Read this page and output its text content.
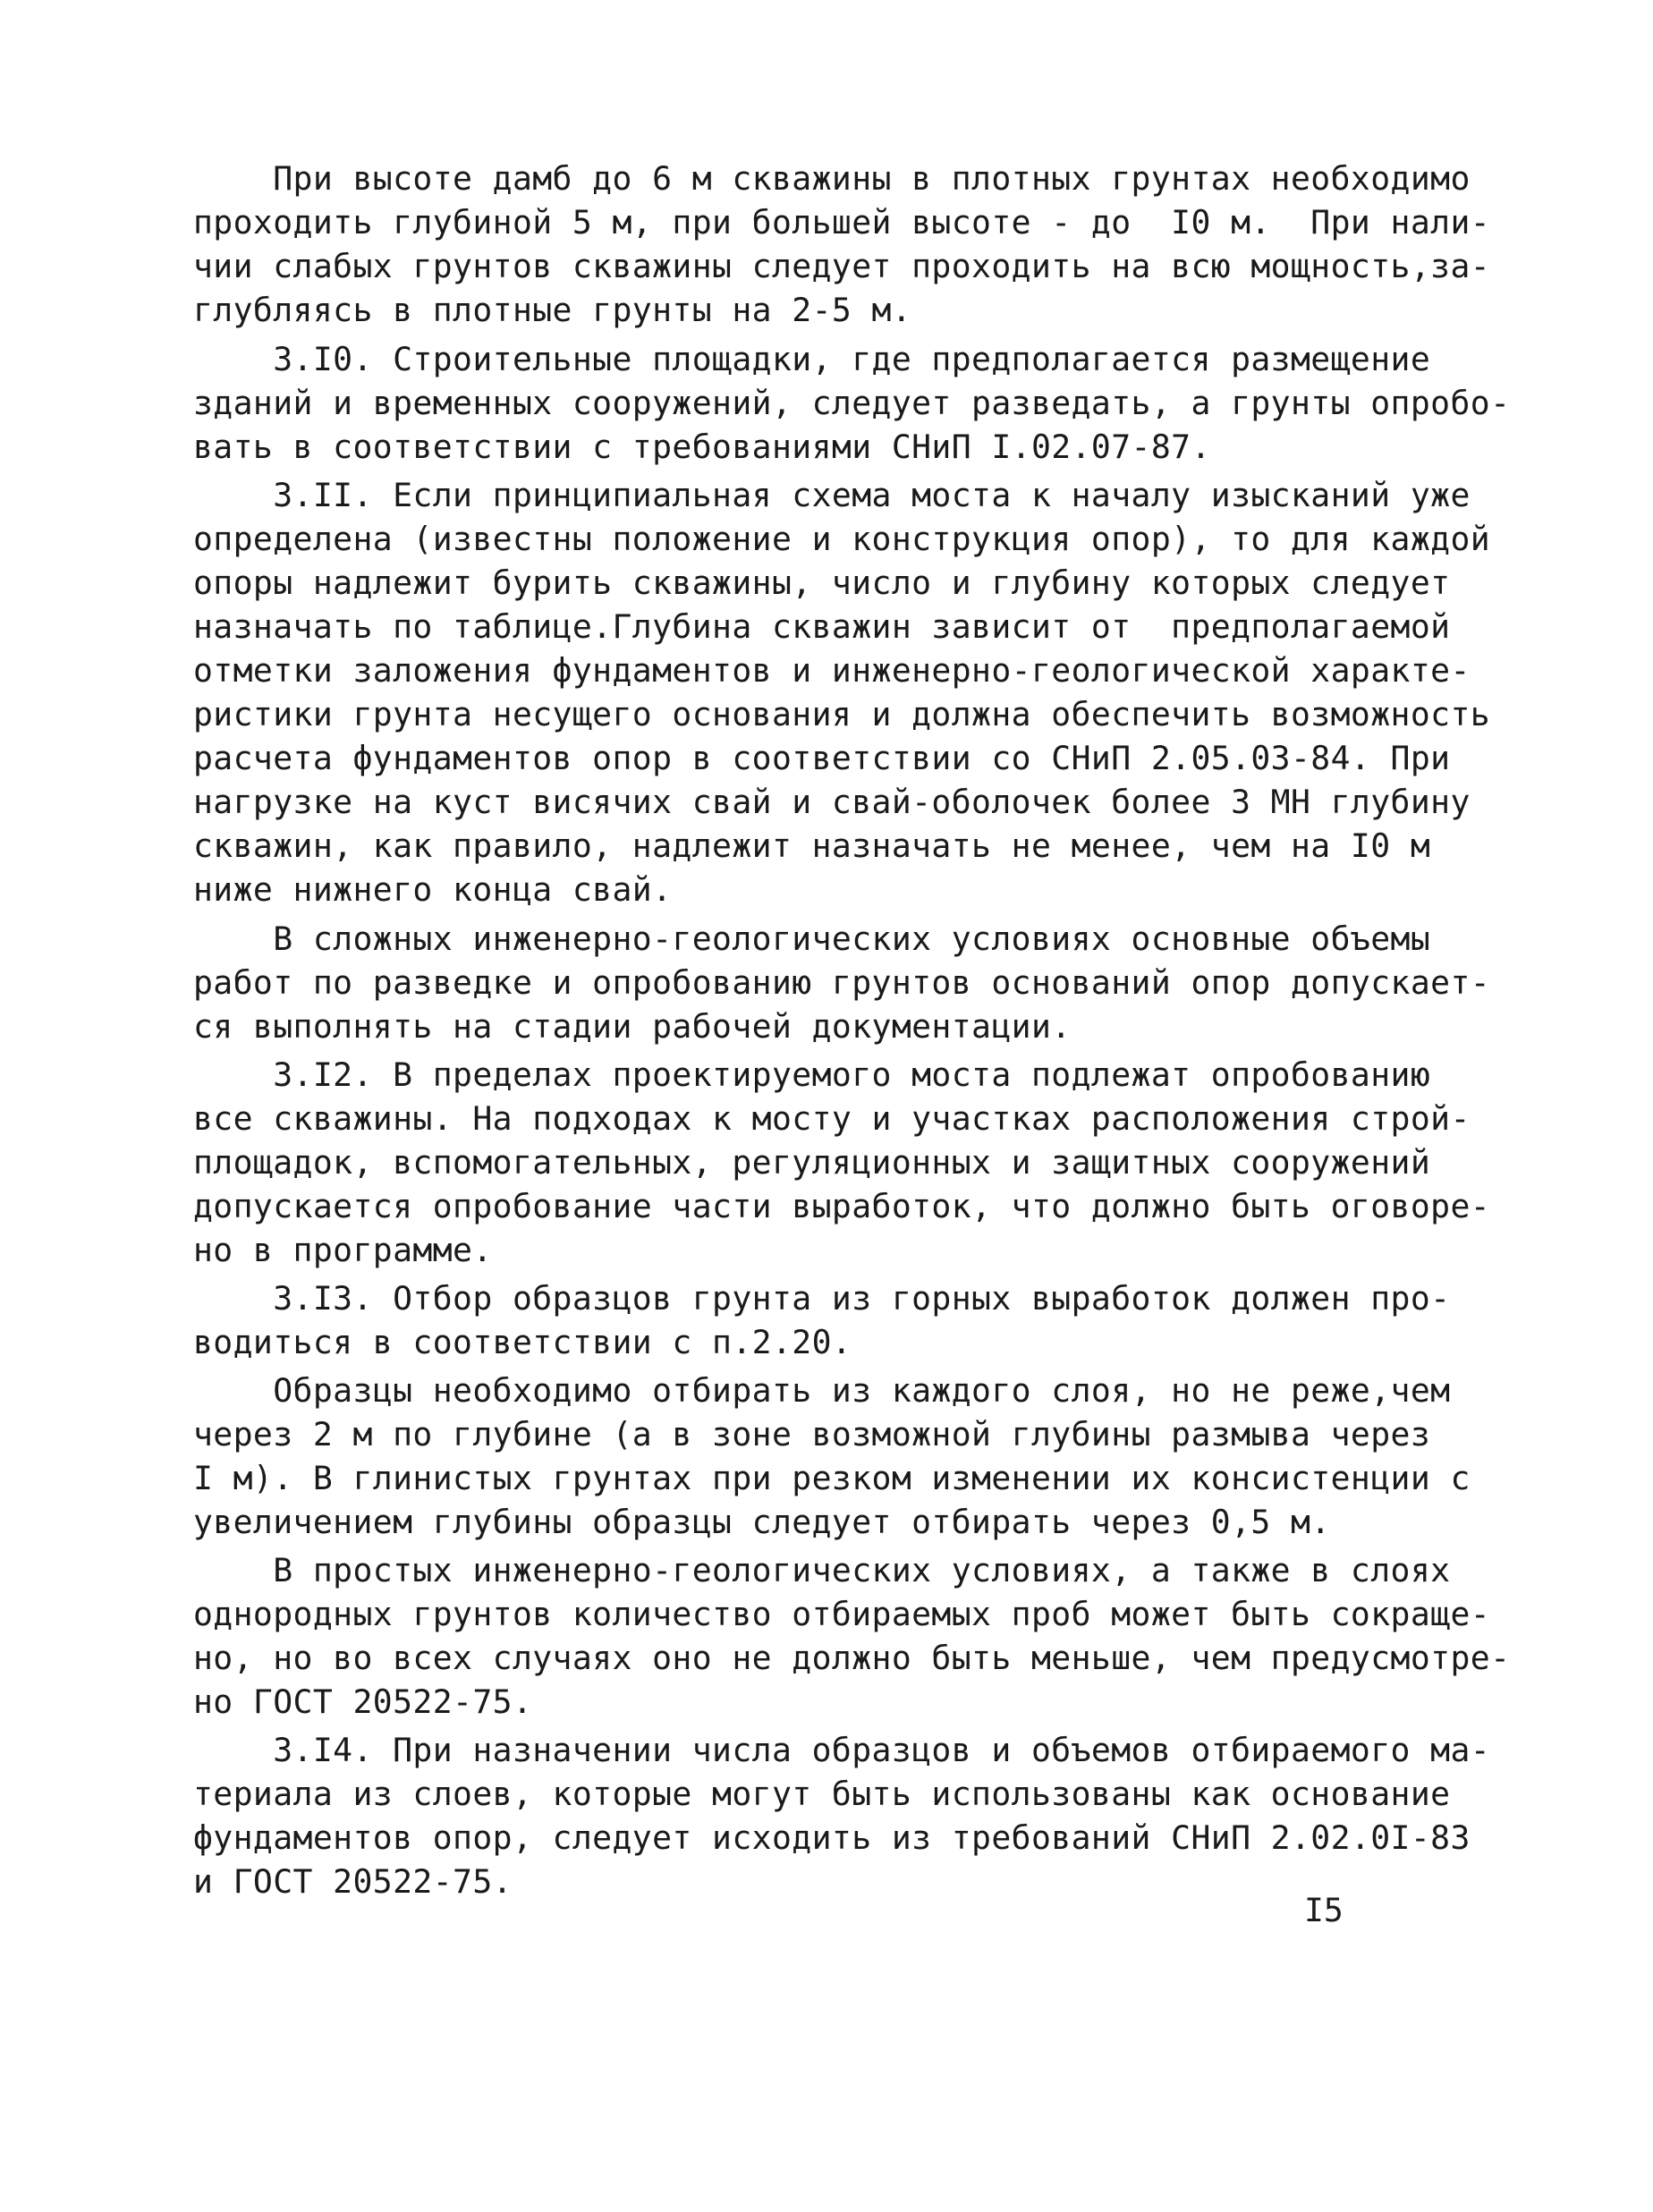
При высоте дамб до 6 м скважины в плотных грунтах необходимо
проходить глубиной 5 м, при большей высоте - до  I0 м.  При нали-
чии слабых грунтов скважины следует проходить на всю мощность,за-
глубляясь в плотные грунты на 2-5 м.
3.I0. Строительные площадки, где предполагается размещение
зданий и временных сооружений, следует разведать, а грунты опробо-
вать в соответствии с требованиями СНиП I.02.07-87.
3.II. Если принципиальная схема моста к началу изысканий уже
определена (известны положение и конструкция опор), то для каждой
опоры надлежит бурить скважины, число и глубину которых следует
назначать по таблице.Глубина скважин зависит от  предполагаемой
отметки заложения фундаментов и инженерно-геологической характе-
ристики грунта несущего основания и должна обеспечить возможность
расчета фундаментов опор в соответствии со СНиП 2.05.03-84. При
нагрузке на куст висячих свай и свай-оболочек более 3 МН глубину
скважин, как правило, надлежит назначать не менее, чем на I0 м
ниже нижнего конца свай.
В сложных инженерно-геологических условиях основные объемы
работ по разведке и опробованию грунтов оснований опор допускает-
ся выполнять на стадии рабочей документации.
3.I2. В пределах проектируемого моста подлежат опробованию
все скважины. На подходах к мосту и участках расположения строй-
площадок, вспомогательных, регуляционных и защитных сооружений
допускается опробование части выработок, что должно быть оговоре-
но в программе.
3.I3. Отбор образцов грунта из горных выработок должен про-
водиться в соответствии с п.2.20.
Образцы необходимо отбирать из каждого слоя, но не реже,чем
через 2 м по глубине (а в зоне возможной глубины размыва через
I м). В глинистых грунтах при резком изменении их консистенции с
увеличением глубины образцы следует отбирать через 0,5 м.
В простых инженерно-геологических условиях, а также в слоях
однородных грунтов количество отбираемых проб может быть сокраще-
но, но во всех случаях оно не должно быть меньше, чем предусмотре-
но ГОСТ 20522-75.
3.I4. При назначении числа образцов и объемов отбираемого ма-
териала из слоев, которые могут быть использованы как основание
фундаментов опор, следует исходить из требований СНиП 2.02.0I-83
и ГОСТ 20522-75.
I5
